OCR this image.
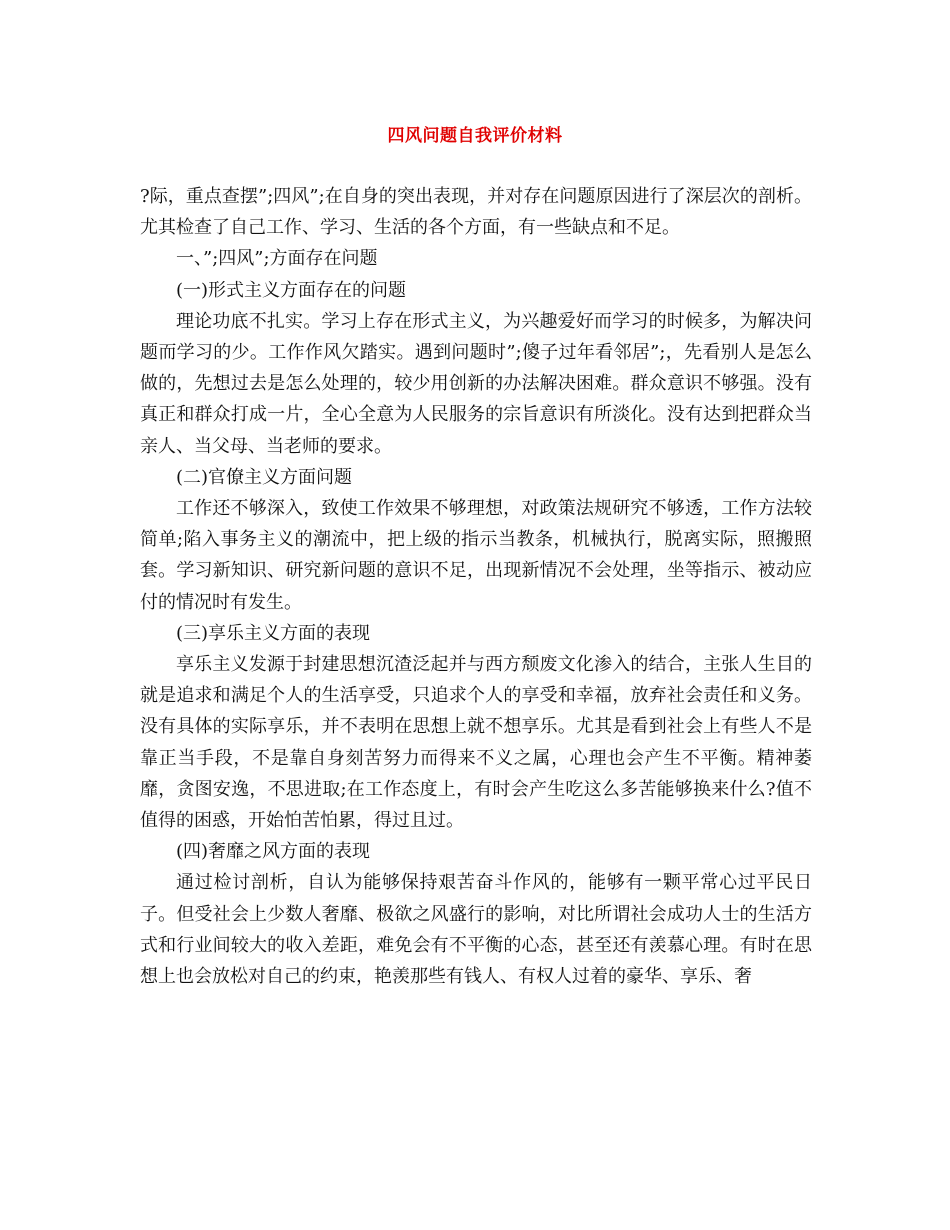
四风问题自我评价材料

?际，重点查摆”;四风”;在自身的突出表现，并对存在问题原因进行了深层次的剖析。尤其检查了自己工作、学习、生活的各个方面，有一些缺点和不足。

一、”;四风”;方面存在问题

(一)形式主义方面存在的问题

理论功底不扎实。学习上存在形式主义，为兴趣爱好而学习的时候多，为解决问题而学习的少。工作作风欠踏实。遇到问题时”;傻子过年看邻居”;，先看别人是怎么做的，先想过去是怎么处理的，较少用创新的办法解决困难。群众意识不够强。没有真正和群众打成一片，全心全意为人民服务的宗旨意识有所淡化。没有达到把群众当亲人、当父母、当老师的要求。

(二)官僚主义方面问题

工作还不够深入，致使工作效果不够理想，对政策法规研究不够透，工作方法较简单;陷入事务主义的潮流中，把上级的指示当教条，机械执行，脱离实际，照搬照套。学习新知识、研究新问题的意识不足，出现新情况不会处理，坐等指示、被动应付的情况时有发生。

(三)享乐主义方面的表现

享乐主义发源于封建思想沉渣泛起并与西方颓废文化渗入的结合，主张人生目的就是追求和满足个人的生活享受，只追求个人的享受和幸福，放弃社会责任和义务。没有具体的实际享乐，并不表明在思想上就不想享乐。尤其是看到社会上有些人不是靠正当手段，不是靠自身刻苦努力而得来不义之属，心理也会产生不平衡。精神萎靡，贪图安逸，不思进取;在工作态度上，有时会产生吃这么多苦能够换来什么?值不值得的困惑，开始怕苦怕累，得过且过。

(四)奢靡之风方面的表现

通过检讨剖析，自认为能够保持艰苦奋斗作风的，能够有一颗平常心过平民日子。但受社会上少数人奢靡、极欲之风盛行的影响，对比所谓社会成功人士的生活方式和行业间较大的收入差距，难免会有不平衡的心态，甚至还有羡慕心理。有时在思想上也会放松对自己的约束，艳羡那些有钱人、有权人过着的豪华、享乐、奢
